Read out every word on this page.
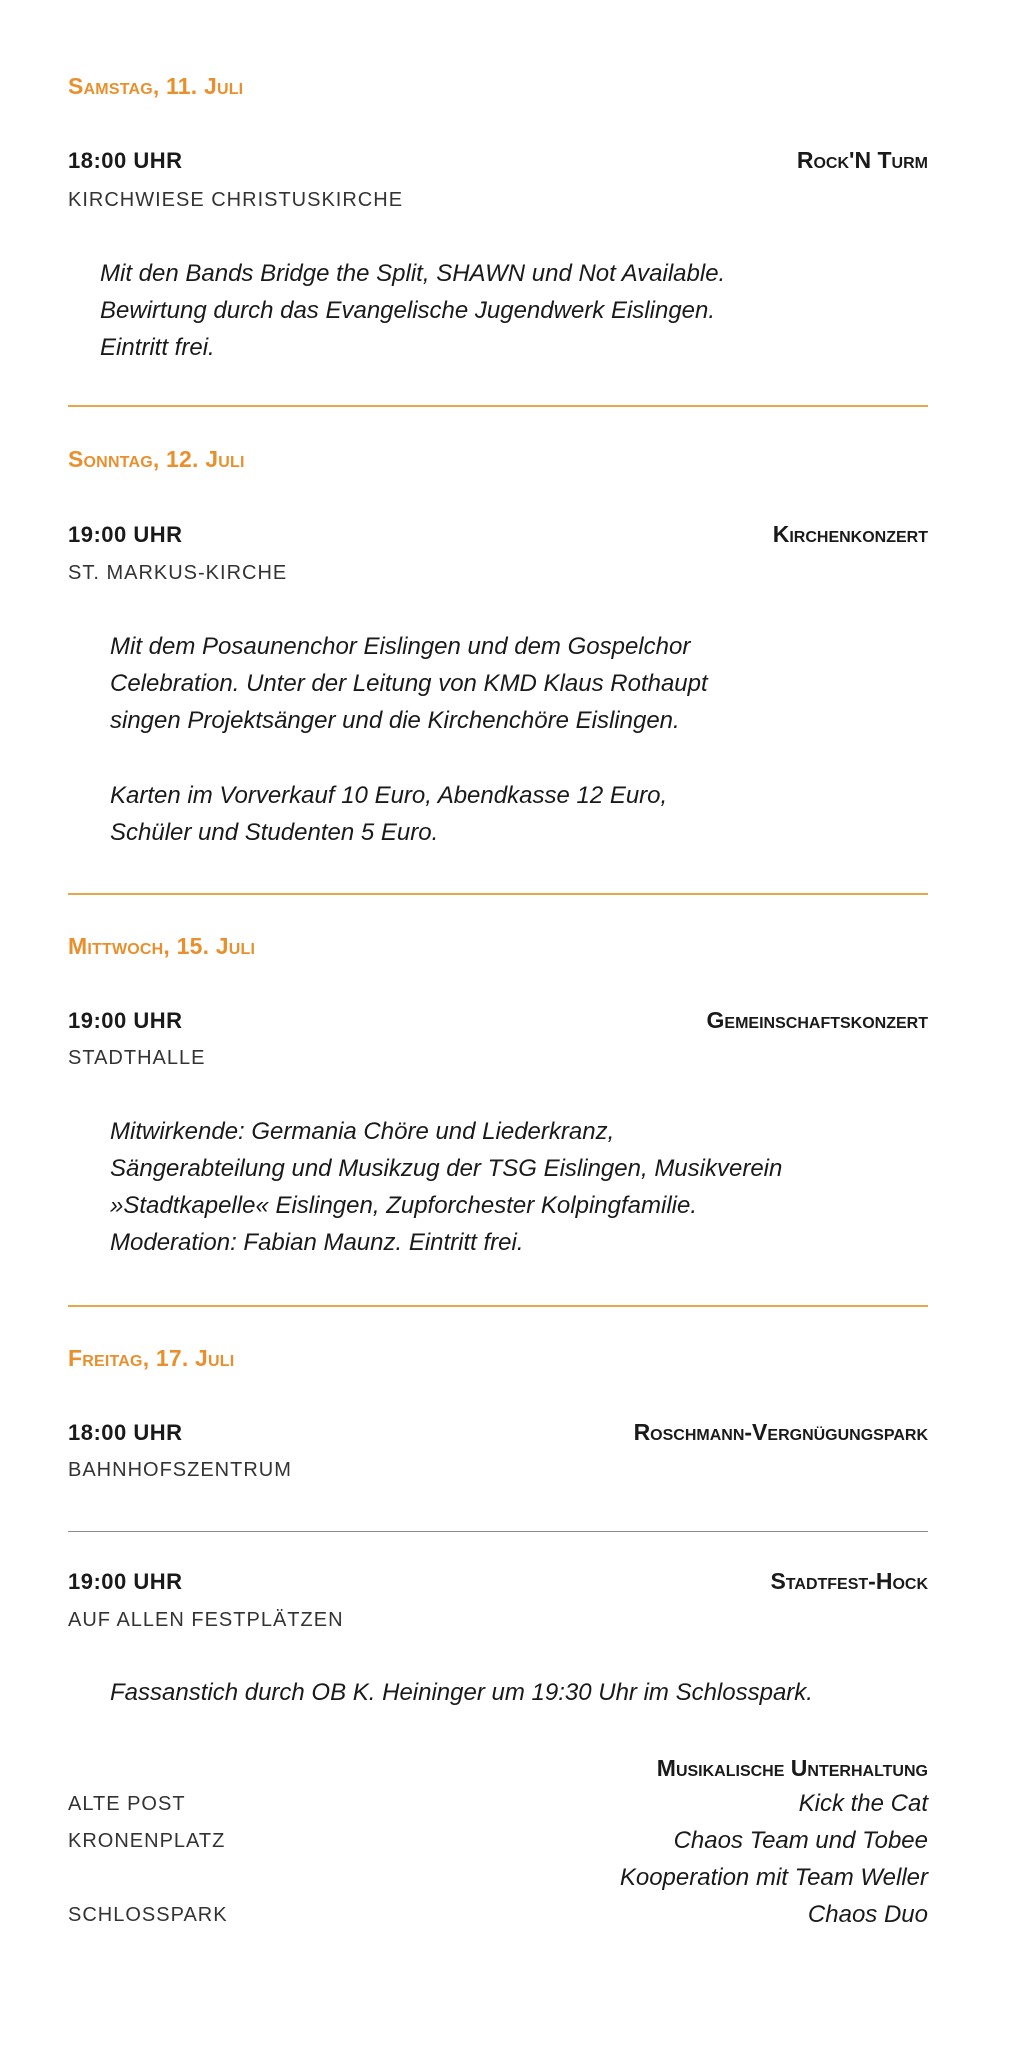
Samstag, 11. Juli
18:00 UHR	Rock'N Turm
KIRCHWIESE CHRISTUSKIRCHE

Mit den Bands Bridge the Split, SHAWN und Not Available.
Bewirtung durch das Evangelische Jugendwerk Eislingen.
Eintritt frei.

Sonntag, 12. Juli
19:00 UHR	Kirchenkonzert
ST. MARKUS-KIRCHE

Mit dem Posaunenchor Eislingen und dem Gospelchor
Celebration. Unter der Leitung von KMD Klaus Rothaupt
singen Projektsänger und die Kirchenchöre Eislingen.

Karten im Vorverkauf 10 Euro, Abendkasse 12 Euro,
Schüler und Studenten 5 Euro.

Mittwoch, 15. Juli
19:00 UHR	Gemeinschaftskonzert
STADTHALLE

Mitwirkende: Germania Chöre und Liederkranz,
Sängerabteilung und Musikzug der TSG Eislingen, Musikverein
»Stadtkapelle« Eislingen, Zupforchester Kolpingfamilie.
Moderation: Fabian Maunz. Eintritt frei.

Freitag, 17. Juli
18:00 UHR	Roschmann-Vergnügungspark
BAHNHOFSZENTRUM
19:00 UHR	Stadtfest-Hock
AUF ALLEN FESTPLÄTZEN

Fassanstich durch OB K. Heininger um 19:30 Uhr im Schlosspark.

Musikalische Unterhaltung
ALTE POST	Kick the Cat
KRONENPLATZ	Chaos Team und Tobee
Kooperation mit Team Weller
SCHLOSSPARK	Chaos Duo
